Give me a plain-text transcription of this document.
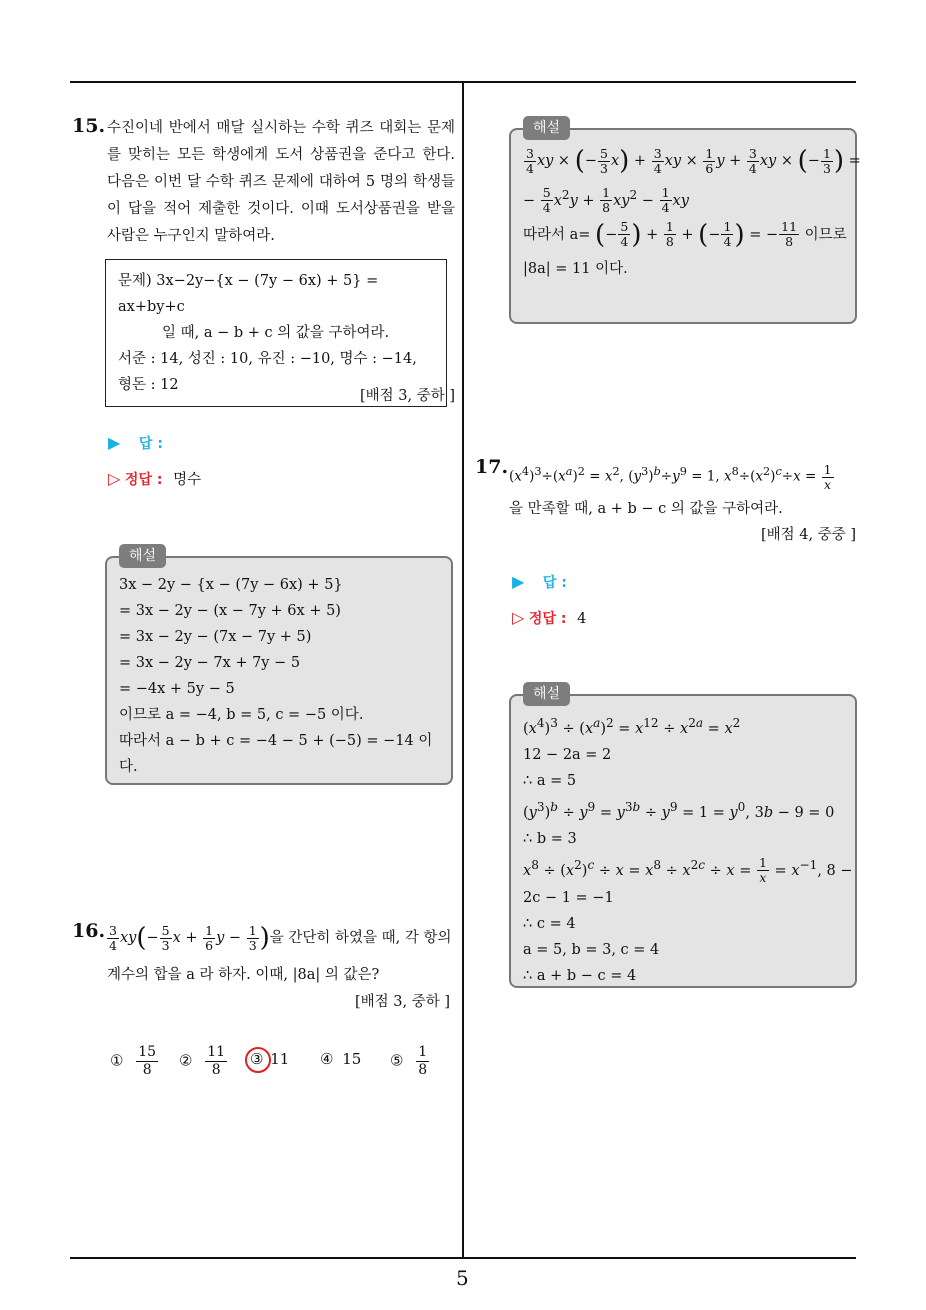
5
15. 수진이네 반에서 매달 실시하는 수학 퀴즈 대회는 문제를 맞히는 모든 학생에게 도서 상품권을 준다고 한다. 다음은 이번 달 수학 퀴즈 문제에 대하여 5 명의 학생들이 답을 적어 제출한 것이다. 이때 도서상품권을 받을 사람은 누구인지 말하여라.
문제) 3x−2y−{x − (7y − 6x) + 5} = ax+by+c
일 때, a − b + c 의 값을 구하여라.
서준 : 14, 성진 : 10, 유진 : −10, 명수 : −14,
형돈 : 12
[배점 3, 중하 ]
▶ 답 :
▷ 정답 : 명수
해설
3x − 2y − {x − (7y − 6x) + 5}
= 3x − 2y − (x − 7y + 6x + 5)
= 3x − 2y − (7x − 7y + 5)
= 3x − 2y − 7x + 7y − 5
= −4x + 5y − 5
이므로 a = −4, b = 5, c = −5 이다.
따라서 a − b + c = −4 − 5 + (−5) = −14 이다.
16. $\frac{3}{4} xy(- \frac{5}{3}$ $x + \frac{1}{6}$ $y - \frac{1}{3}$ )을 간단히 하였을 때, 각 항의
계수의 합을 a 라 하자. 이때, |8a| 의 값은?
[배점 3, 중하 ]
① $\frac{15}{8}$ ② $\frac{11}{8}$ ③ 11 ④ 15 ⑤ $\frac{1}{8}$
해설
$\frac{3}{4}$ xy × (− $\frac{5}{3} x) + \frac{3}{4}$ xy × $\frac{1}{6}$ $y + \frac{3}{4}$ xy × (− $\frac{1}{3}$ ) =
− $\frac{5}{4} x^2y + \frac{1}{8} xy^2 - \frac{1}{4}$ xy
따라서 a= (− $\frac{5}{4}$ ) + $\frac{1}{8}$ + (− $\frac{1}{4}$ ) = − $\frac{11}{8}$ 이므로
|8a| = 11 이다.
17. $(x^4)^3\div(x^a)^2 = x^2$, $(y^3)^b\div y^9 = 1$, $x^8\div(x^2)^c\div x = \frac{1}{x}$
을 만족할 때, a + b − c 의 값을 구하여라.
[배점 4, 중중 ]
▶ 답 :
▷ 정답 : 4
해설
$(x^4)^3 \div (x^a)^2 = x^{12} \div x^{2a} = x^2$
12 − 2a = 2
∴ a = 5
$(y^3)^b \div y^9 = y^{3b} \div y^9 = 1 = y^0$, 3b − 9 = 0
∴ b = 3
$x^8 \div (x^2)^c \div x = x^8 \div x^{2c} \div x = \frac{1}{x} = x^{-1}$, 8 −
2c − 1 = −1
∴ c = 4
a = 5, b = 3, c = 4
∴ a + b − c = 4
